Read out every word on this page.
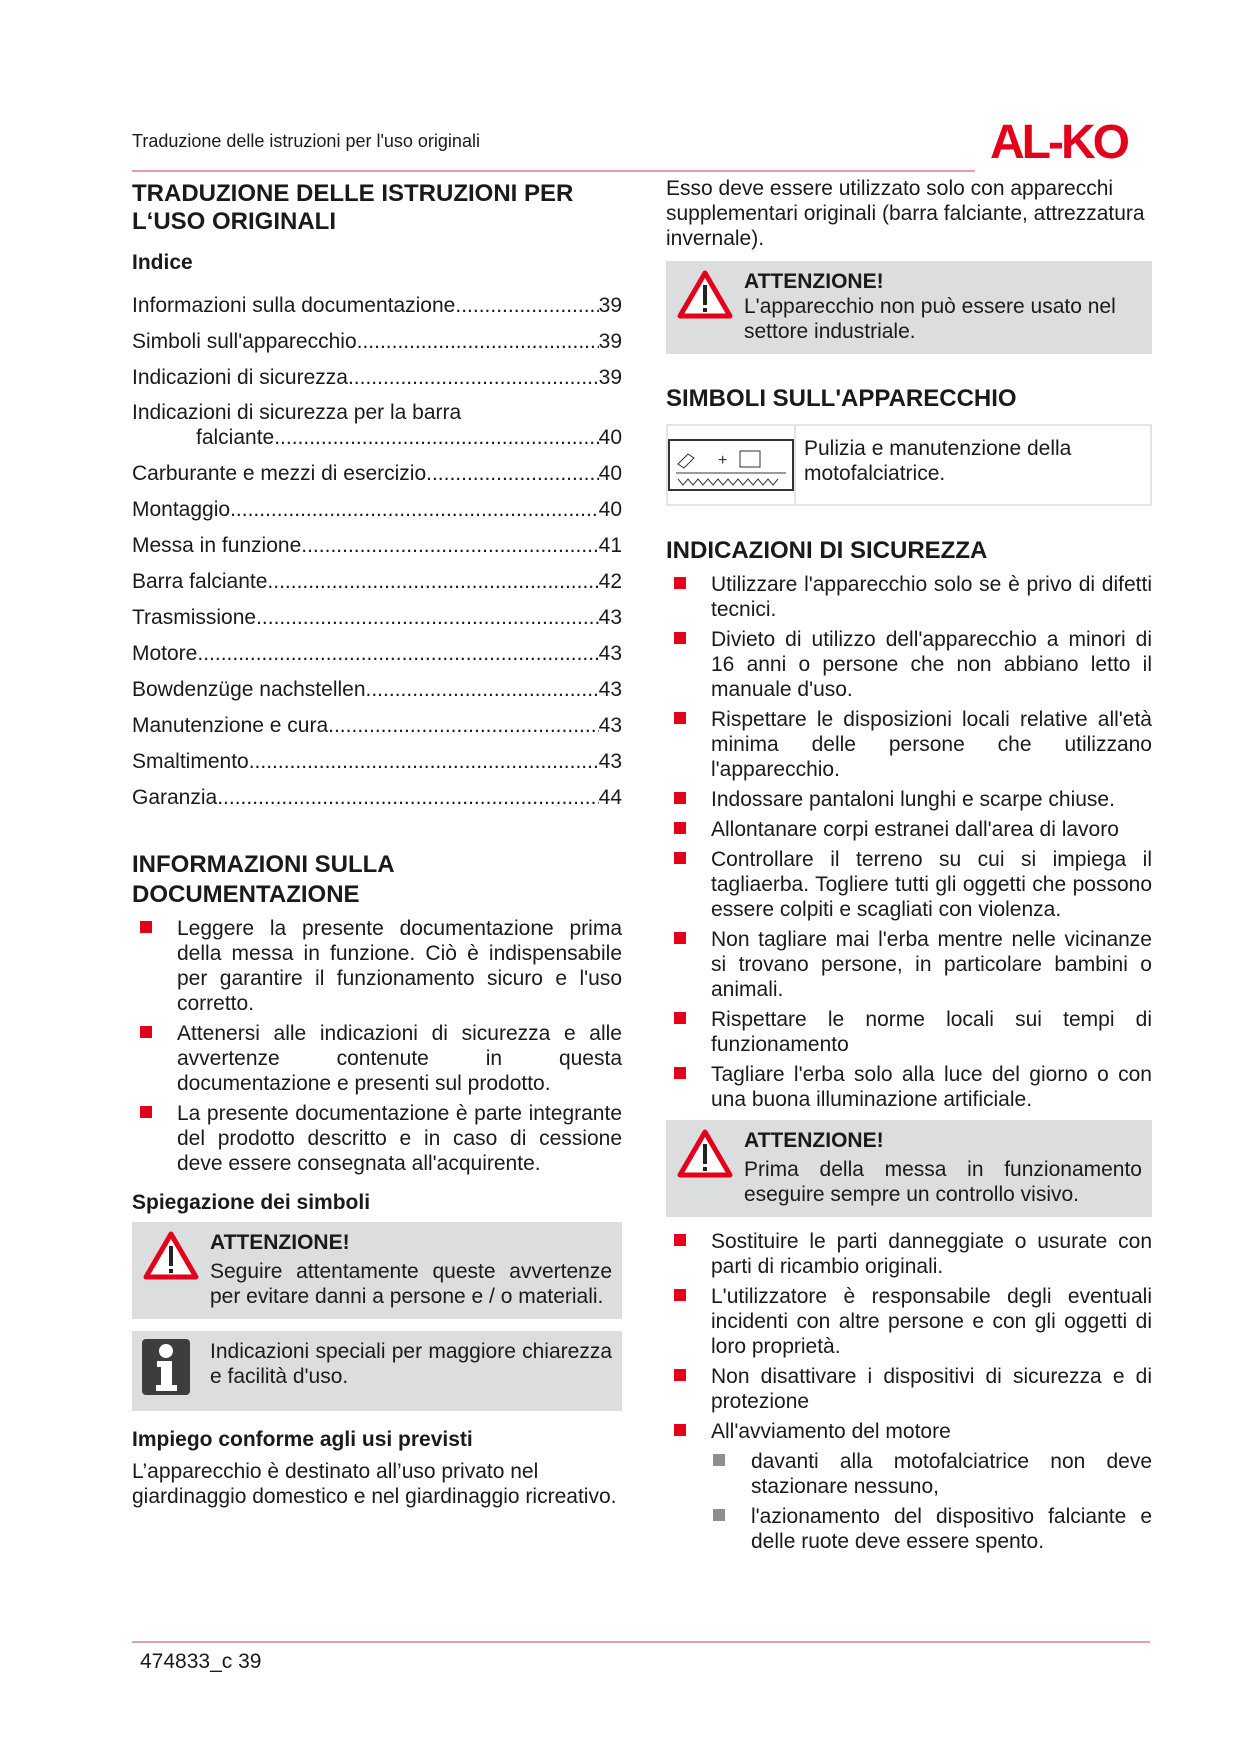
Traduzione delle istruzioni per l'uso originali	AL-KO
TRADUZIONE DELLE ISTRUZIONI PER L‘USO ORIGINALI
Indice
Informazioni sulla documentazione .....	39
Simboli sull'apparecchio .....	39
Indicazioni di sicurezza .....	39
Indicazioni di sicurezza per la barra
falciante .....	40
Carburante e mezzi di esercizio .....	40
Montaggio .....	40
Messa in funzione .....	41
Barra falciante .....	42
Trasmissione .....	43
Motore .....	43
Bowdenzüge nachstellen .....	43
Manutenzione e cura .....	43
Smaltimento .....	43
Garanzia .....	44
INFORMAZIONI SULLA DOCUMENTAZIONE
Leggere la presente documentazione prima della messa in funzione. Ciò è indispensabile per garantire il funzionamento sicuro e l'uso corretto.
Attenersi alle indicazioni di sicurezza e alle avvertenze contenute in questa documentazione e presenti sul prodotto.
La presente documentazione è parte integrante del prodotto descritto e in caso di cessione deve essere consegnata all'acquirente.
Spiegazione dei simboli
ATTENZIONE!
Seguire attentamente queste avvertenze per evitare danni a persone e / o materiali.
Indicazioni speciali per maggiore chiarezza e facilità d'uso.
Impiego conforme agli usi previsti
L’apparecchio è destinato all’uso privato nel giardinaggio domestico e nel giardinaggio ricreativo.
Esso deve essere utilizzato solo con apparecchi supplementari originali (barra falciante, attrezzatura invernale).
ATTENZIONE!
L'apparecchio non può essere usato nel settore industriale.
SIMBOLI SULL'APPARECCHIO
+
Pulizia e manutenzione della motofalciatrice.
INDICAZIONI DI SICUREZZA
Utilizzare l'apparecchio solo se è privo di difetti tecnici.
Divieto di utilizzo dell'apparecchio a minori di 16 anni o persone che non abbiano letto il manuale d'uso.
Rispettare le disposizioni locali relative all'età minima delle persone che utilizzano l'apparecchio.
Indossare pantaloni lunghi e scarpe chiuse.
Allontanare corpi estranei dall'area di lavoro
Controllare il terreno su cui si impiega il tagliaerba. Togliere tutti gli oggetti che possono essere colpiti e scagliati con violenza.
Non tagliare mai l'erba mentre nelle vicinanze si trovano persone, in particolare bambini o animali.
Rispettare le norme locali sui tempi di funzionamento
Tagliare l'erba solo alla luce del giorno o con una buona illuminazione artificiale.
ATTENZIONE!
Prima della messa in funzionamento eseguire sempre un controllo visivo.
Sostituire le parti danneggiate o usurate con parti di ricambio originali.
L'utilizzatore è responsabile degli eventuali incidenti con altre persone e con gli oggetti di loro proprietà.
Non disattivare i dispositivi di sicurezza e di protezione
All'avviamento del motore
davanti alla motofalciatrice non deve stazionare nessuno,
l'azionamento del dispositivo falciante e delle ruote deve essere spento.
474833_c 39
